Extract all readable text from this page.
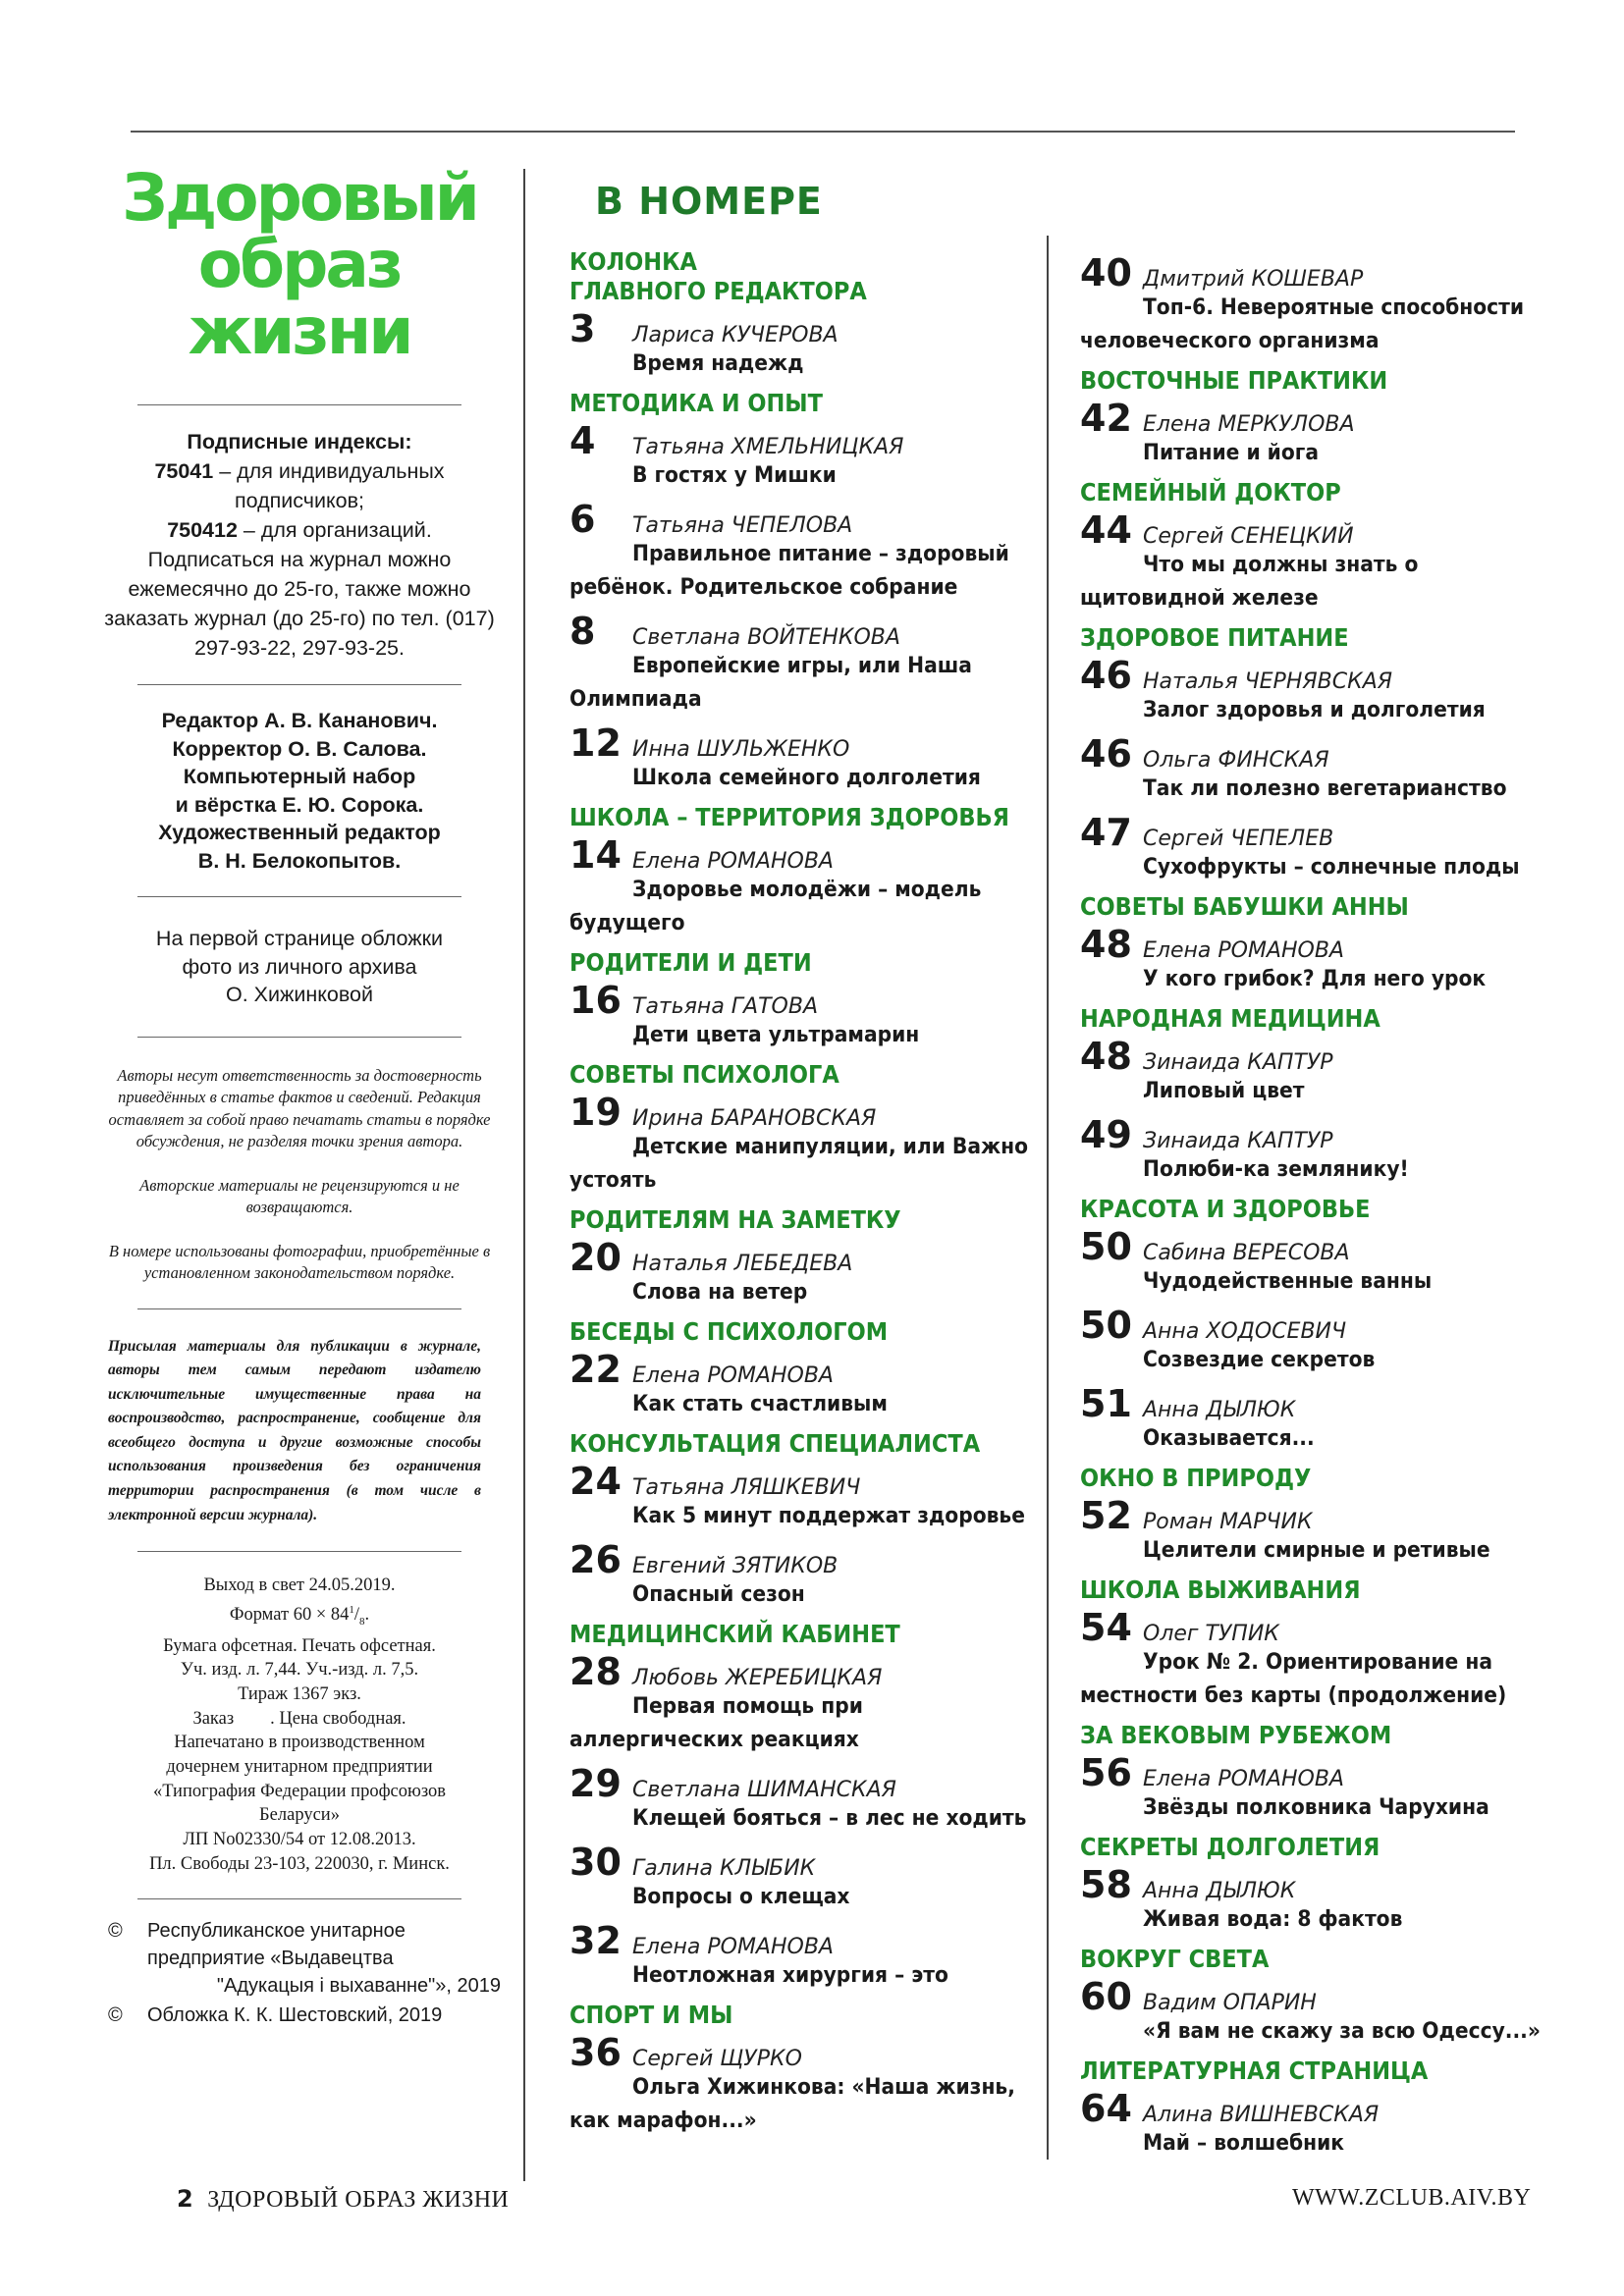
Здоровый
образ жизни
Подписные индексы:
75041 – для индивидуальных подписчиков;
750412 – для организаций.
Подписаться на журнал можно ежемесячно до 25-го, также можно заказать журнал (до 25-го) по тел. (017) 297-93-22, 297-93-25.
Редактор А. В. Кананович.
Корректор О. В. Салова.
Компьютерный набор
и вёрстка Е. Ю. Сорока.
Художественный редактор
В. Н. Белокопытов.
На первой странице обложки
фото из личного архива
О. Хижинковой

Авторы несут ответственность за достоверность приведённых в статье фактов и сведений. Редакция оставляет за собой право печатать статьи в порядке обсуждения, не разделяя точки зрения автора.

Авторские материалы не рецензируются и не возвращаются.

В номере использованы фотографии, приобретённые в установленном законодательством порядке.

Присылая материалы для публикации в журнале, авторы тем самым передают издателю исключительные имущественные права на воспроизводство, распространение, сообщение для всеобщего доступа и другие возможные способы использования произведения без ограничения территории распространения (в том числе в электронной версии журнала).
Выход в свет 24.05.2019.
Формат $60 \times 84^1/_8$.
Бумага офсетная. Печать офсетная.
Уч. изд. л. 7,44. Уч.-изд. л. 7,5.
Тираж 1367 экз.
Заказ        . Цена свободная.
Напечатано в производственном
дочернем унитарном предприятии
«Типография Федерации профсоюзов
Беларуси»
ЛП No02330/54 от 12.08.2013.
Пл. Свободы 23-103, 220030, г. Минск.
©	Республиканское унитарное
предприятие «Выдавецтва
"Адукацыя і выхаванне"», 2019
©	Обложка К. К. Шестовский, 2019
В НОМЕРЕ
КОЛОНКА
ГЛАВНОГО РЕДАКТОРА
3	Лариса КУЧЕРОВА
Время надежд
МЕТОДИКА И ОПЫТ
4	Татьяна ХМЕЛЬНИЦКАЯ
В гостях у Мишки
6	Татьяна ЧЕПЕЛОВА
Правильное питание – здоровый ребёнок. Родительское собрание
8	Светлана ВОЙТЕНКОВА
Европейские игры, или Наша Олимпиада
12 Инна ШУЛЬЖЕНКО
Школа семейного долголетия
ШКОЛА – ТЕРРИТОРИЯ ЗДОРОВЬЯ
14 Елена РОМАНОВА
Здоровье молодёжи – модель будущего
РОДИТЕЛИ И ДЕТИ
16 Татьяна ГАТОВА
Дети цвета ультрамарин
СОВЕТЫ ПСИХОЛОГА
19 Ирина БАРАНОВСКАЯ
Детские манипуляции, или Важно устоять
РОДИТЕЛЯМ НА ЗАМЕТКУ
20 Наталья ЛЕБЕДЕВА
Слова на ветер
БЕСЕДЫ С ПСИХОЛОГОМ
22 Елена РОМАНОВА
Как стать счастливым
КОНСУЛЬТАЦИЯ СПЕЦИАЛИСТА
24 Татьяна ЛЯШКЕВИЧ
Как 5 минут поддержат здоровье
26 Евгений ЗЯТИКОВ
Опасный сезон
МЕДИЦИНСКИЙ КАБИНЕТ
28 Любовь ЖЕРЕБИЦКАЯ
Первая помощь при аллергических реакциях
29 Светлана ШИМАНСКАЯ
Клещей бояться – в лес не ходить
30 Галина КЛЫБИК
Вопросы о клещах
32 Елена РОМАНОВА
Неотложная хирургия – это
СПОРТ И МЫ
36 Сергей ЩУРКО
Ольга Хижинкова: «Наша жизнь, как марафон...»
40 Дмитрий КОШЕВАР
Топ-6. Невероятные способности человеческого организма
ВОСТОЧНЫЕ ПРАКТИКИ
42 Елена МЕРКУЛОВА
Питание и йога
СЕМЕЙНЫЙ ДОКТОР
44 Сергей СЕНЕЦКИЙ
Что мы должны знать о щитовидной железе
ЗДОРОВОЕ ПИТАНИЕ
46 Наталья ЧЕРНЯВСКАЯ
Залог здоровья и долголетия
46 Ольга ФИНСКАЯ
Так ли полезно вегетарианство
47 Сергей ЧЕПЕЛЕВ
Сухофрукты – солнечные плоды
СОВЕТЫ БАБУШКИ АННЫ
48 Елена РОМАНОВА
У кого грибок? Для него урок
НАРОДНАЯ МЕДИЦИНА
48 Зинаида КАПТУР
Липовый цвет
49 Зинаида КАПТУР
Полюби-ка землянику!
КРАСОТА И ЗДОРОВЬЕ
50 Сабина ВЕРЕСОВА
Чудодейственные ванны
50 Анна ХОДОСЕВИЧ
Созвездие секретов
51 Анна ДЫЛЮК
Оказывается...
ОКНО В ПРИРОДУ
52 Роман МАРЧИК
Целители смирные и ретивые
ШКОЛА ВЫЖИВАНИЯ
54 Олег ТУПИК
Урок № 2. Ориентирование на местности без карты (продолжение)
ЗА ВЕКОВЫМ РУБЕЖОМ
56 Елена РОМАНОВА
Звёзды полковника Чарухина
СЕКРЕТЫ ДОЛГОЛЕТИЯ
58 Анна ДЫЛЮК
Живая вода: 8 фактов
ВОКРУГ СВЕТА
60 Вадим ОПАРИН
«Я вам не скажу за всю Одессу...»
ЛИТЕРАТУРНАЯ СТРАНИЦА
64 Алина ВИШНЕВСКАЯ
Май – волшебник
2 ЗДОРОВЫЙ ОБРАЗ ЖИЗНИ	WWW.ZCLUB.AIV.BY
